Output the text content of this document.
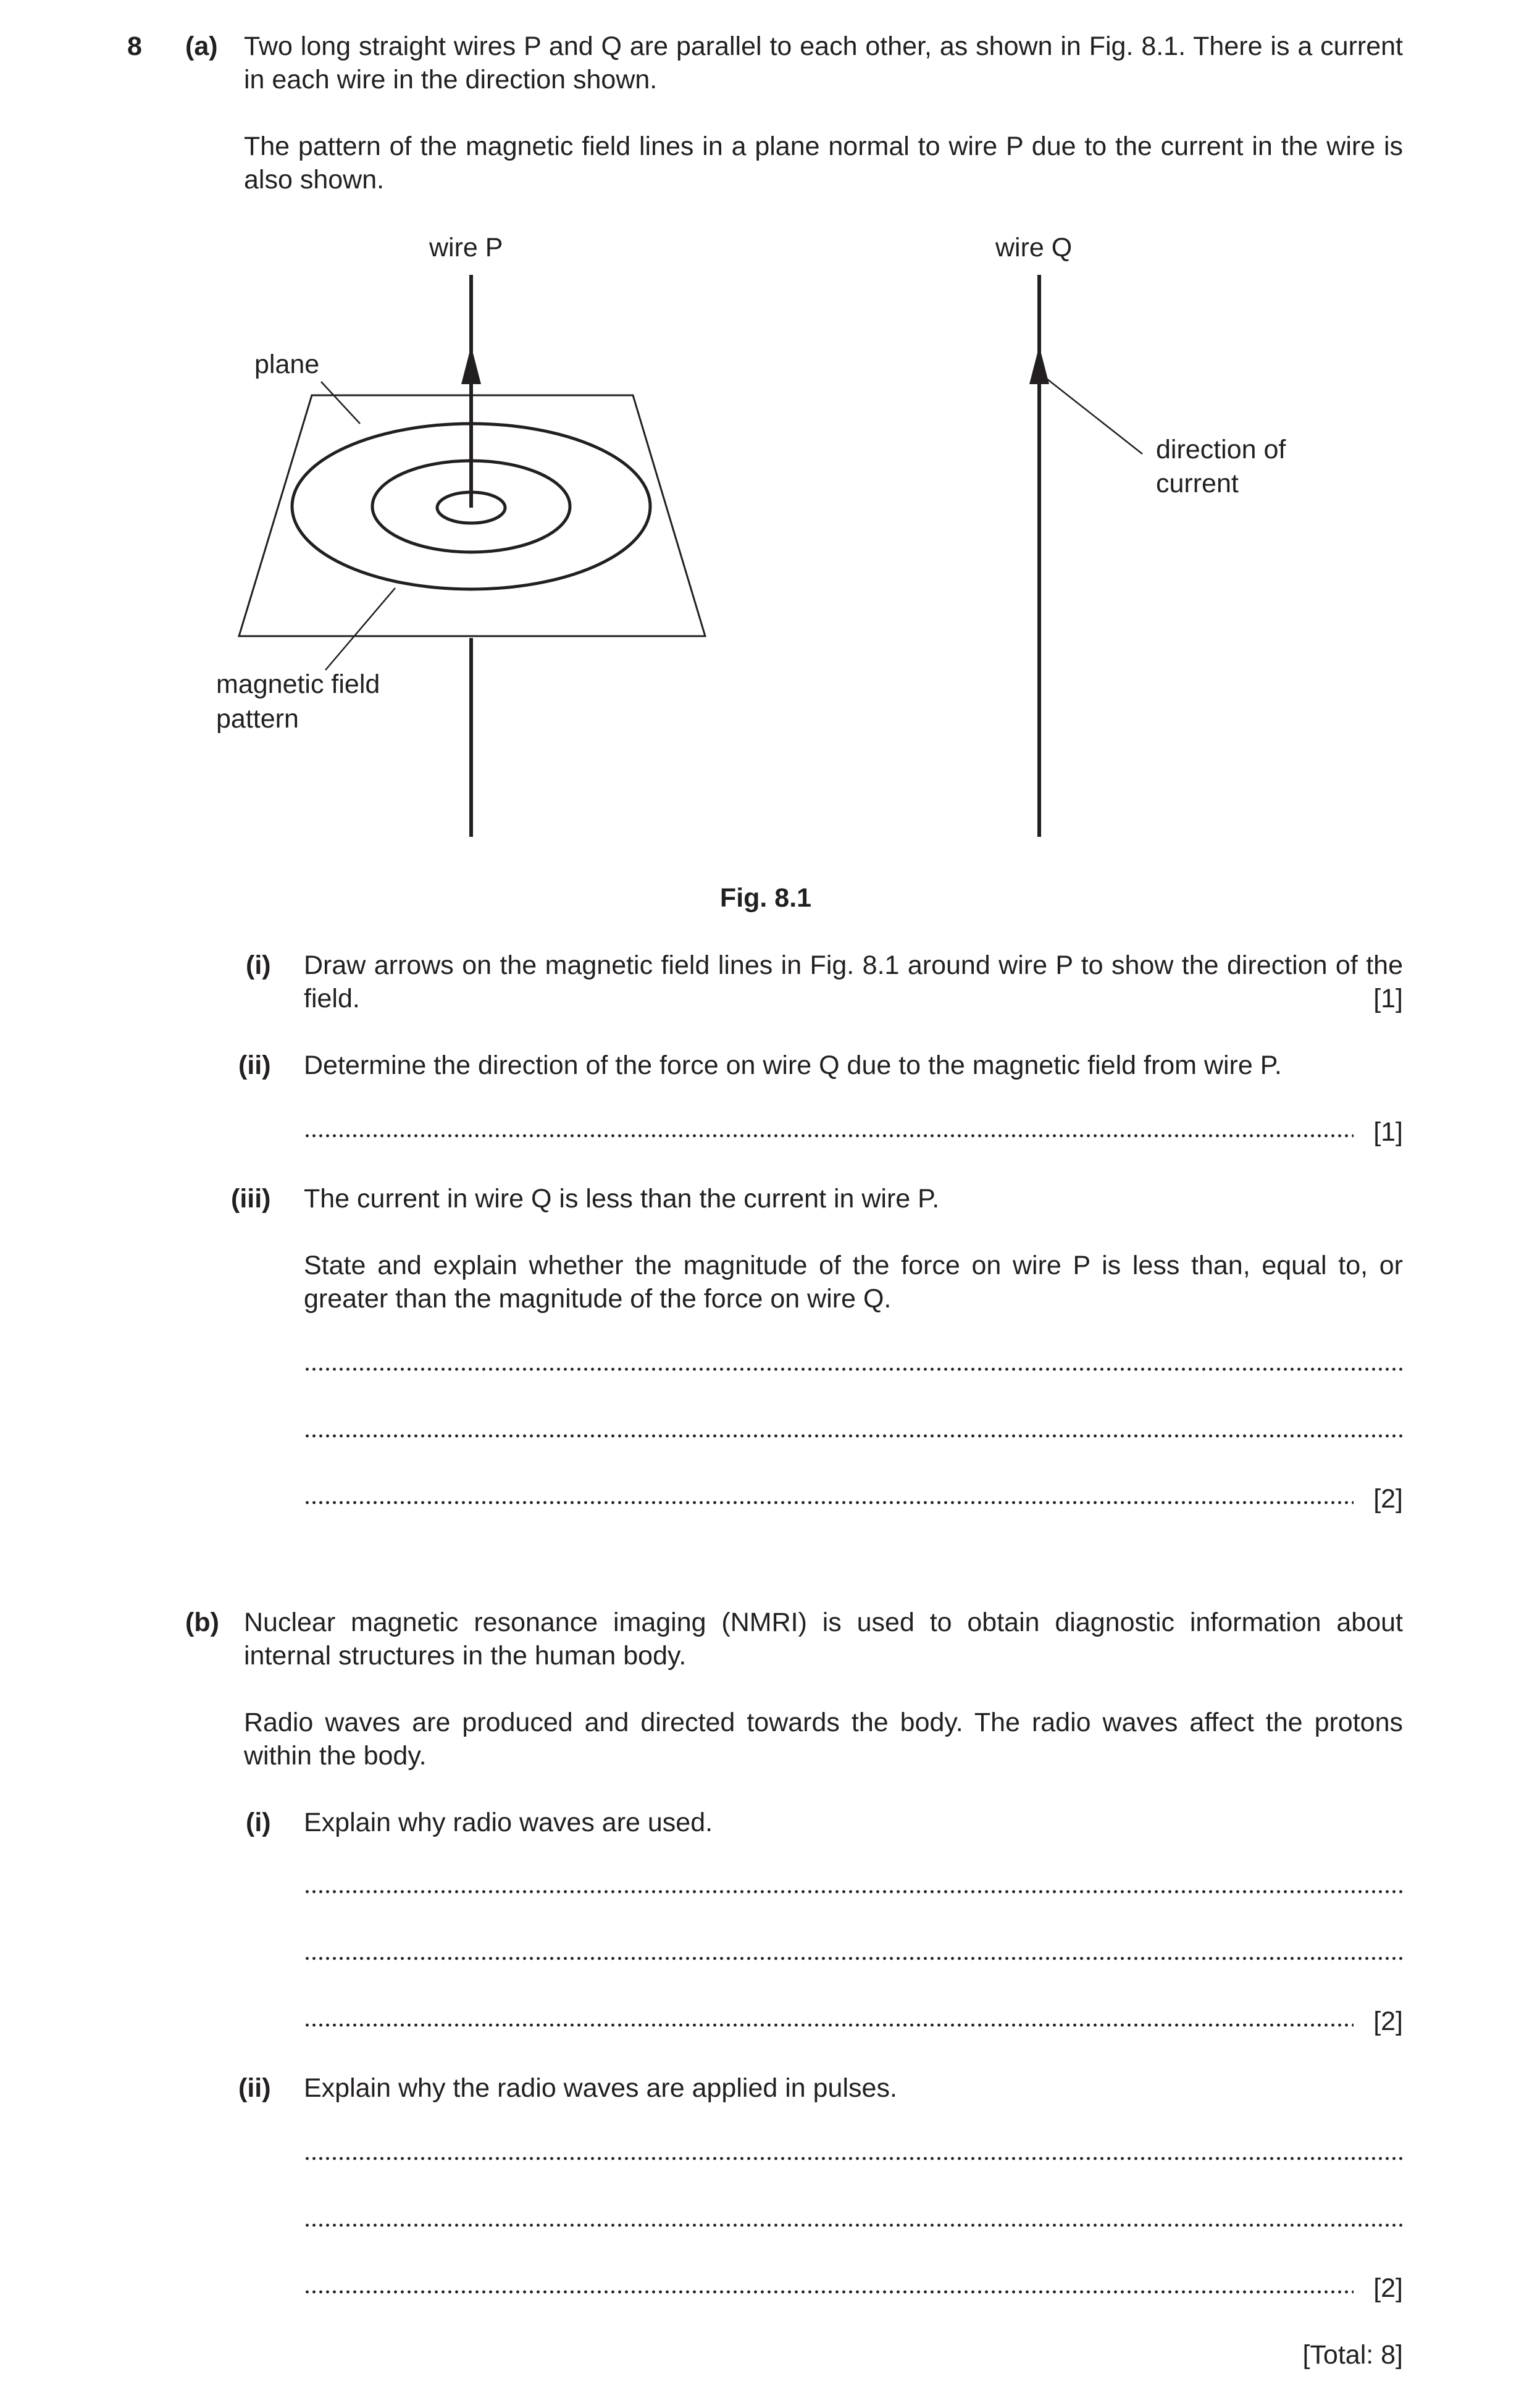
8 (a) Two long straight wires P and Q are parallel to each other, as shown in Fig. 8.1. There is a current in each wire in the direction shown.
The pattern of the magnetic field lines in a plane normal to wire P due to the current in the wire is also shown.
wire P	wire Q
plane
direction of
current
magnetic field
pattern
Fig. 8.1
(i) Draw arrows on the magnetic field lines in Fig. 8.1 around wire P to show the direction of the field.	[1]
(ii) Determine the direction of the force on wire Q due to the magnetic field from wire P.
[1]
(iii) The current in wire Q is less than the current in wire P.
State and explain whether the magnitude of the force on wire P is less than, equal to, or greater than the magnitude of the force on wire Q.
[2]
(b) Nuclear magnetic resonance imaging (NMRI) is used to obtain diagnostic information about internal structures in the human body.
Radio waves are produced and directed towards the body. The radio waves affect the protons within the body.
(i) Explain why radio waves are used.
[2]
(ii) Explain why the radio waves are applied in pulses.
[2]
[Total: 8]
